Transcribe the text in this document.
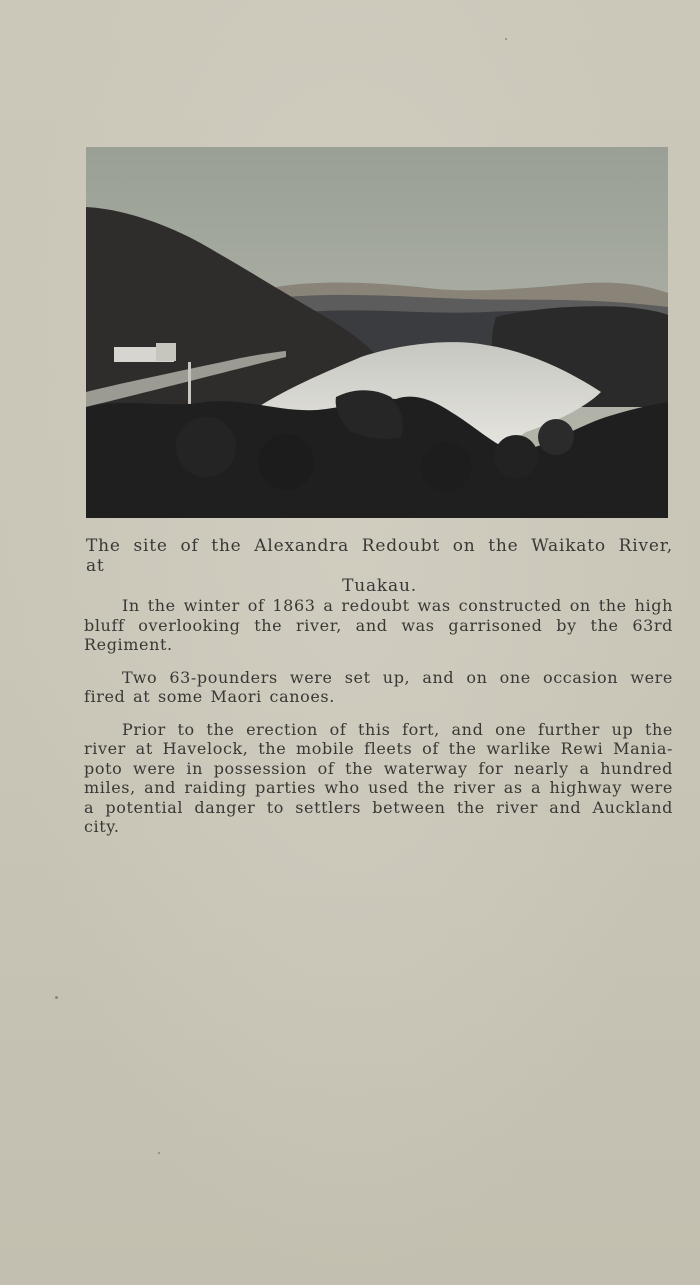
The site of the Alexandra Redoubt on the Waikato River, at
Tuakau.

In the winter of 1863 a redoubt was constructed on the high bluff overlooking the river, and was garrisoned by the 63rd Regiment.

Two 63-pounders were set up, and on one occasion were fired at some Maori canoes.

Prior to the erection of this fort, and one further up the river at Havelock, the mobile fleets of the warlike Rewi Mania-poto were in possession of the waterway for nearly a hundred miles, and raiding parties who used the river as a highway were a potential danger to settlers between the river and Auckland city.
